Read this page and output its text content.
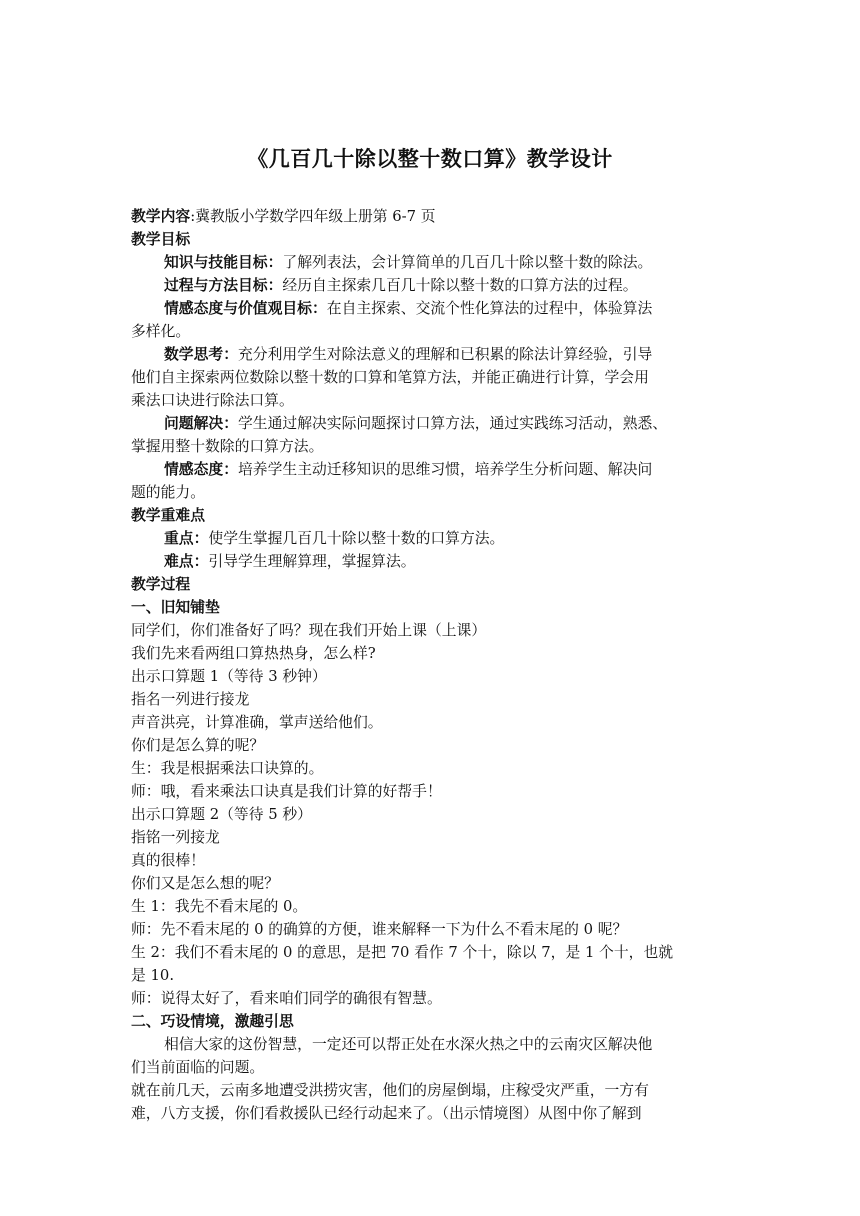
《几百几十除以整十数口算》教学设计
教学内容:冀教版小学数学四年级上册第 6-7 页
教学目标
知识与技能目标：了解列表法，会计算简单的几百几十除以整十数的除法。
过程与方法目标：经历自主探索几百几十除以整十数的口算方法的过程。
情感态度与价值观目标：在自主探索、交流个性化算法的过程中，体验算法
多样化。
数学思考：充分利用学生对除法意义的理解和已积累的除法计算经验，引导
他们自主探索两位数除以整十数的口算和笔算方法，并能正确进行计算，学会用
乘法口诀进行除法口算。
问题解决：学生通过解决实际问题探讨口算方法，通过实践练习活动，熟悉、
掌握用整十数除的口算方法。
情感态度：培养学生主动迁移知识的思维习惯，培养学生分析问题、解决问
题的能力。
教学重难点
重点：使学生掌握几百几十除以整十数的口算方法。
难点：引导学生理解算理，掌握算法。
教学过程
一、旧知铺垫
同学们，你们准备好了吗？现在我们开始上课（上课）
我们先来看两组口算热热身，怎么样?
出示口算题 1（等待 3 秒钟）
指名一列进行接龙
声音洪亮，计算准确，掌声送给他们。
你们是怎么算的呢？
生：我是根据乘法口诀算的。
师：哦，看来乘法口诀真是我们计算的好帮手！
出示口算题 2（等待 5 秒）
指铭一列接龙
真的很棒！
你们又是怎么想的呢？
生 1：我先不看末尾的 0。
师：先不看末尾的 0 的确算的方便，谁来解释一下为什么不看末尾的 0 呢？
生 2：我们不看末尾的 0 的意思，是把 70 看作 7 个十，除以 7，是 1 个十，也就
是 10.
师：说得太好了，看来咱们同学的确很有智慧。
二、巧设情境，激趣引思
相信大家的这份智慧，一定还可以帮正处在水深火热之中的云南灾区解决他
们当前面临的问题。
就在前几天，云南多地遭受洪捞灾害，他们的房屋倒塌，庄稼受灾严重，一方有
难，八方支援，你们看救援队已经行动起来了。（出示情境图）从图中你了解到
